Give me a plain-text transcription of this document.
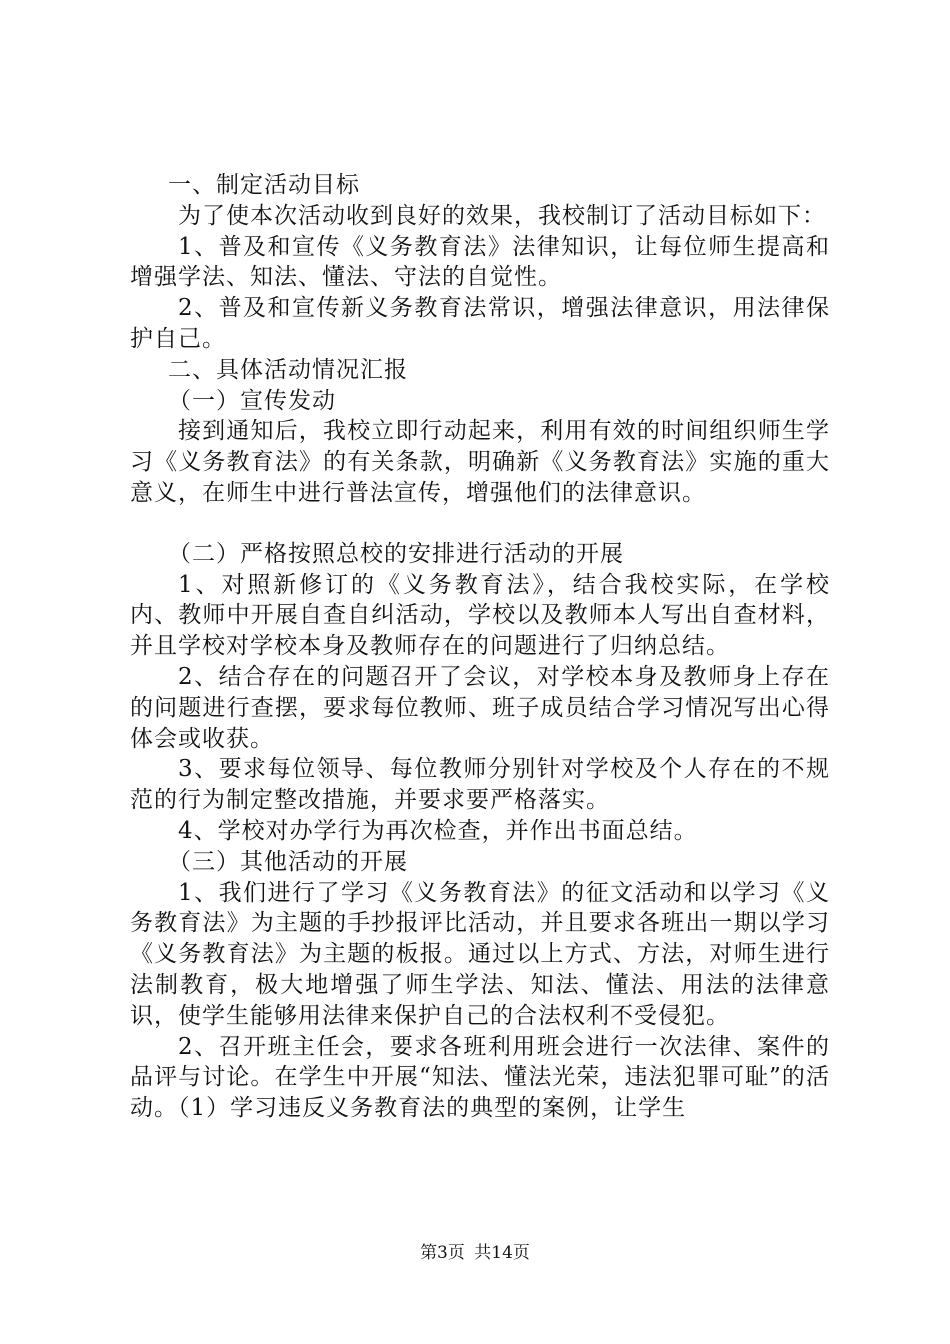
一、制定活动目标

为了使本次活动收到良好的效果，我校制订了活动目标如下：

1、普及和宣传《义务教育法》法律知识，让每位师生提高和增强学法、知法、懂法、守法的自觉性。

2、普及和宣传新义务教育法常识，增强法律意识，用法律保护自己。

二、具体活动情况汇报

（一）宣传发动

接到通知后，我校立即行动起来，利用有效的时间组织师生学习《义务教育法》的有关条款，明确新《义务教育法》实施的重大意义，在师生中进行普法宣传，增强他们的法律意识。

（二）严格按照总校的安排进行活动的开展

1、对照新修订的《义务教育法》，结合我校实际，在学校内、教师中开展自查自纠活动，学校以及教师本人写出自查材料，并且学校对学校本身及教师存在的问题进行了归纳总结。

2、结合存在的问题召开了会议，对学校本身及教师身上存在的问题进行查摆，要求每位教师、班子成员结合学习情况写出心得体会或收获。

3、要求每位领导、每位教师分别针对学校及个人存在的不规范的行为制定整改措施，并要求要严格落实。

4、学校对办学行为再次检查，并作出书面总结。

（三）其他活动的开展

1、我们进行了学习《义务教育法》的征文活动和以学习《义务教育法》为主题的手抄报评比活动，并且要求各班出一期以学习《义务教育法》为主题的板报。通过以上方式、方法，对师生进行法制教育，极大地增强了师生学法、知法、懂法、用法的法律意识，使学生能够用法律来保护自己的合法权利不受侵犯。

2、召开班主任会，要求各班利用班会进行一次法律、案件的品评与讨论。在学生中开展“知法、懂法光荣，违法犯罪可耻”的活动。（1）学习违反义务教育法的典型的案例，让学生

第3页 共14页
